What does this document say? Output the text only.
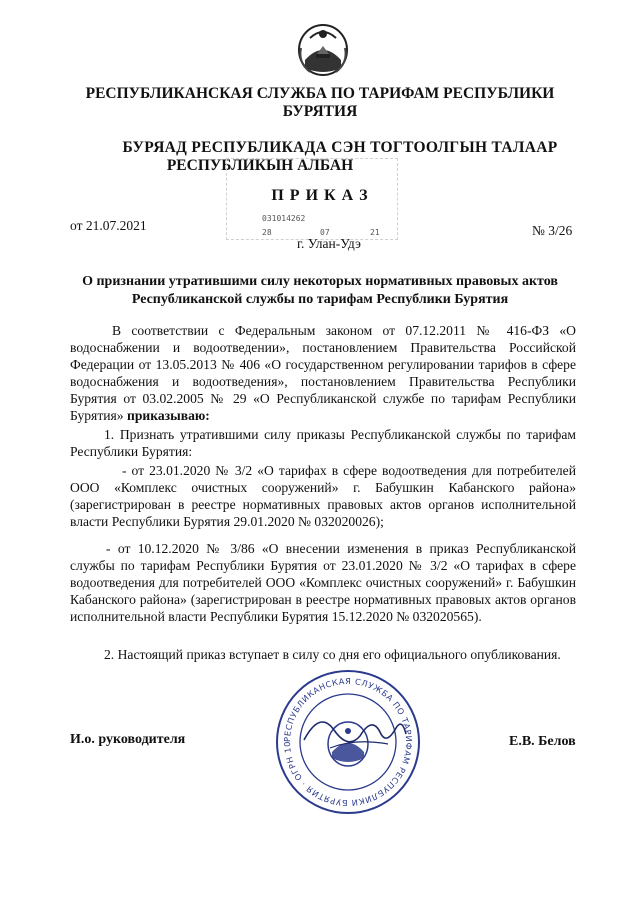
РЕСПУБЛИКАНСКАЯ СЛУЖБА ПО ТАРИФАМ РЕСПУБЛИКИ
БУРЯТИЯ
БУРЯАД РЕСПУБЛИКАДА СЭН ТОГТООЛГЫН ТАЛААР
РЕСПУБЛИКЫН АЛБАН
031014262
28	07	21
П Р И К А З
от 21.07.2021	№ 3/26
г. Улан-Удэ
О признании утратившими силу некоторых нормативных правовых актов
Республиканской службы по тарифам Республики Бурятия
В соответствии с Федеральным законом от 07.12.2011 № 416-ФЗ «О водоснабжении и водоотведении», постановлением Правительства Российской Федерации от 13.05.2013 № 406 «О государственном регулировании тарифов в сфере водоснабжения и водоотведения», постановлением Правительства Республики Бурятия от 03.02.2005 № 29 «О Республиканской службе по тарифам Республики Бурятия» приказываю:
1. Признать утратившими силу приказы Республиканской службы по тарифам Республики Бурятия:
- от 23.01.2020 № 3/2 «О тарифах в сфере водоотведения для потребителей ООО «Комплекс очистных сооружений» г. Бабушкин Кабанского района» (зарегистрирован в реестре нормативных правовых актов органов исполнительной власти Республики Бурятия 29.01.2020 № 032020026);
- от 10.12.2020 № 3/86 «О внесении изменения в приказ Республиканской службы по тарифам Республики Бурятия от 23.01.2020 № 3/2 «О тарифах в сфере водоотведения для потребителей ООО «Комплекс очистных сооружений» г. Бабушкин Кабанского района» (зарегистрирован в реестре нормативных правовых актов органов исполнительной власти Республики Бурятия 15.12.2020 № 032020565).
2. Настоящий приказ вступает в силу со дня его официального опубликования.
РЕСПУБЛИКАНСКАЯ СЛУЖБА ПО ТАРИФАМ РЕСПУБЛИКИ БУРЯТИЯ · ОГРН 10
И.о. руководителя	Е.В. Белов
